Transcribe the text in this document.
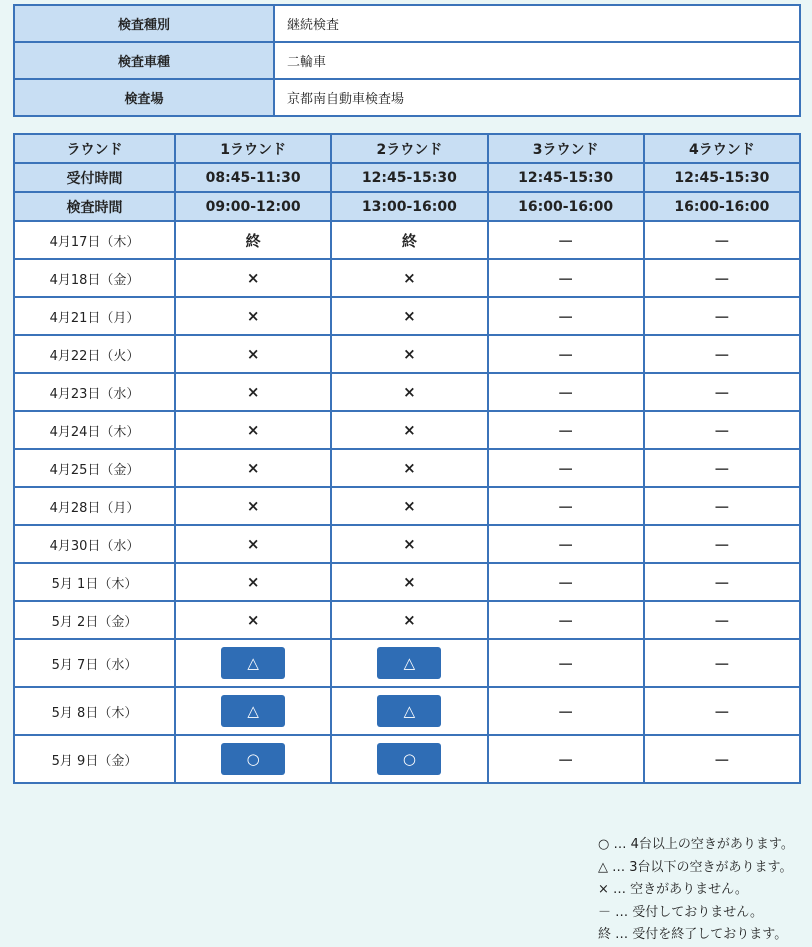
検査種別	継続検査
検査車種	二輪車
検査場	京都南自動車検査場
ラウンド	1ラウンド	2ラウンド	3ラウンド	4ラウンド
受付時間	08:45-11:30	12:45-15:30	12:45-15:30	12:45-15:30
検査時間	09:00-12:00	13:00-16:00	16:00-16:00	16:00-16:00
4月17日（木）	終	終	－	－
4月18日（金）	×	×	－	－
4月21日（月）	×	×	－	－
4月22日（火）	×	×	－	－
4月23日（水）	×	×	－	－
4月24日（木）	×	×	－	－
4月25日（金）	×	×	－	－
4月28日（月）	×	×	－	－
4月30日（水）	×	×	－	－
5月 1日（木）	×	×	－	－
5月 2日（金）	×	×	－	－
5月 7日（水）	△	△	－	－
5月 8日（木）	△	△	－	－
5月 9日（金）	○	○	－	－
○ … 4台以上の空きがあります。
△ … 3台以下の空きがあります。
× … 空きがありません。
－ … 受付しておりません。
終 … 受付を終了しております。
